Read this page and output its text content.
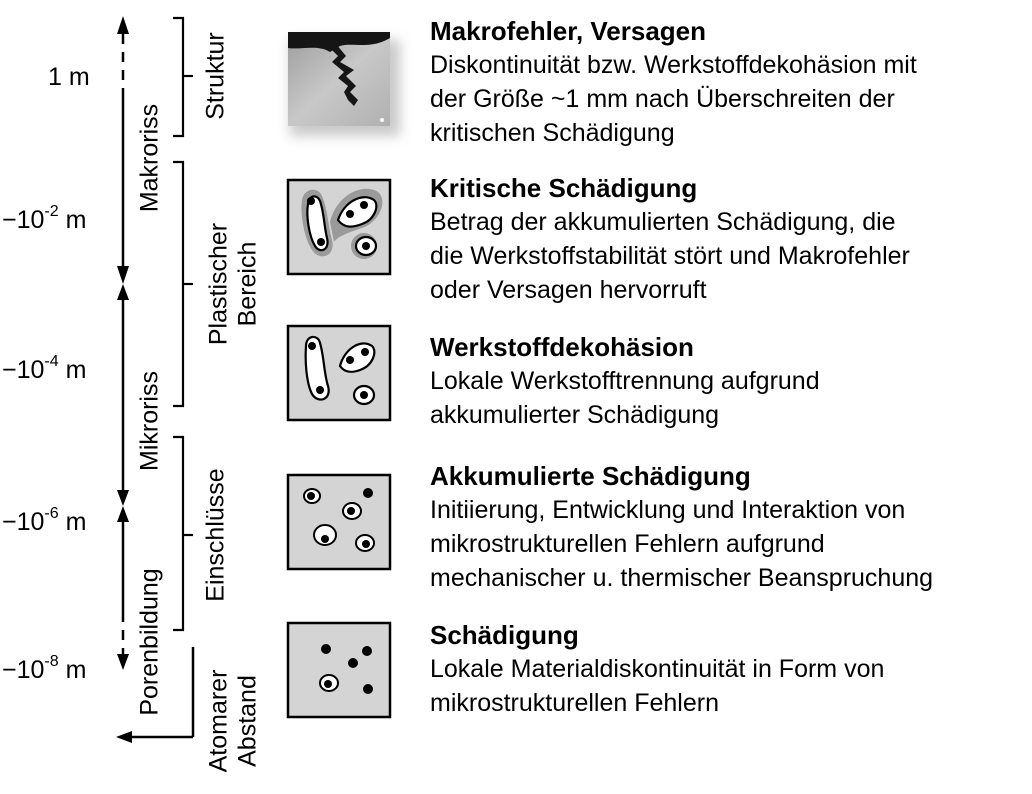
1 m
$-10^{-2}$ m
$-10^{-4}$ m
$-10^{-6}$ m
$-10^{-8}$ m
Makroriss
Mikroriss
Porenbildung
Struktur
Plastischer
Bereich
Einschlüsse
Atomarer
Abstand
Makrofehler, Versagen
Diskontinuität bzw. Werkstoffdekohäsion mit
der Größe ~1 mm nach Überschreiten der
kritischen Schädigung
Kritische Schädigung
Betrag der akkumulierten Schädigung, die
die Werkstoffstabilität stört und Makrofehler
oder Versagen hervorruft
Werkstoffdekohäsion
Lokale Werkstofftrennung aufgrund
akkumulierter Schädigung
Akkumulierte Schädigung
Initiierung, Entwicklung und Interaktion von
mikrostrukturellen Fehlern aufgrund
mechanischer u. thermischer Beanspruchung
Schädigung
Lokale Materialdiskontinuität in Form von
mikrostrukturellen Fehlern
